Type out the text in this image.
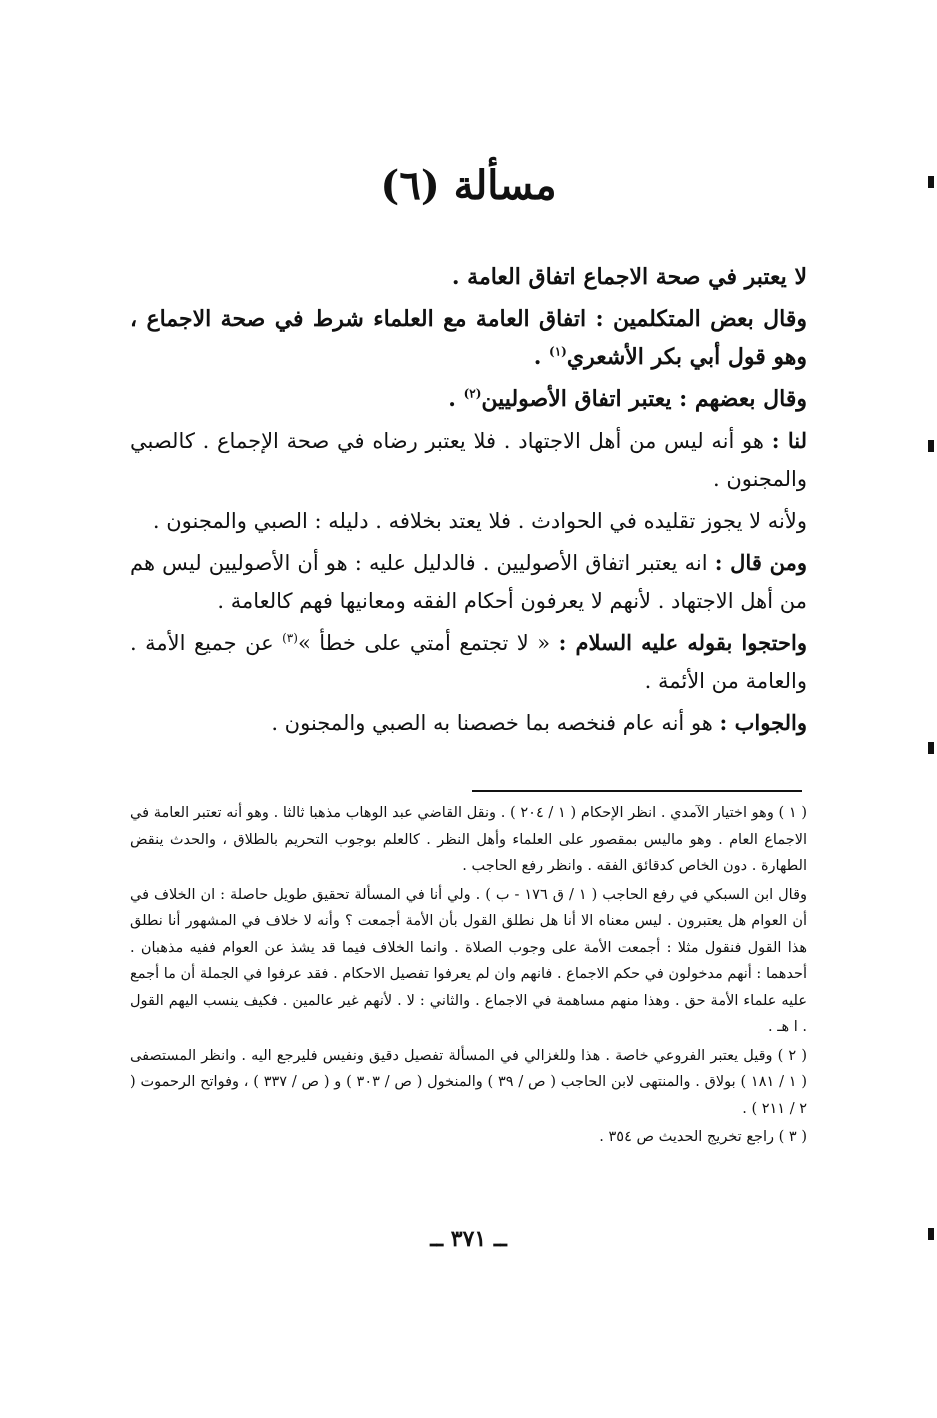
مسألة (٦)

لا يعتبر في صحة الاجماع اتفاق العامة .

وقال بعض المتكلمين : اتفاق العامة مع العلماء شرط في صحة الاجماع ، وهو قول أبي بكر الأشعري$^{(١)}$ .

وقال بعضهم : يعتبر اتفاق الأصوليين$^{(٢)}$ .

لنا : هو أنه ليس من أهل الاجتهاد . فلا يعتبر رضاه في صحة الإجماع . كالصبي والمجنون .

ولأنه لا يجوز تقليده في الحوادث . فلا يعتد بخلافه . دليله : الصبي والمجنون .

ومن قال : انه يعتبر اتفاق الأصوليين . فالدليل عليه : هو أن الأصوليين ليس هم من أهل الاجتهاد . لأنهم لا يعرفون أحكام الفقه ومعانيها فهم كالعامة .

واحتجوا بقوله عليه السلام : « لا تجتمع أمتي على خطأ »$^{(٣)}$ عن جميع الأمة . والعامة من الأئمة .

والجواب : هو أنه عام فنخصه بما خصصنا به الصبي والمجنون .

( ١ ) وهو اختيار الآمدي . انظر الإحكام ( ١ / ٢٠٤ ) . ونقل القاضي عبد الوهاب مذهبا ثالثا . وهو أنه تعتبر العامة في الاجماع العام . وهو ماليس بمقصور على العلماء وأهل النظر . كالعلم بوجوب التحريم بالطلاق ، والحدث ينقض الطهارة . دون الخاص كدقائق الفقه . وانظر رفع الحاجب .

وقال ابن السبكي في رفع الحاجب ( ١ / ق ١٧٦ - ب ) . ولي أنا في المسألة تحقيق طويل حاصلة : ان الخلاف في أن العوام هل يعتبرون . ليس معناه الا أنا هل نطلق القول بأن الأمة أجمعت ؟ وأنه لا خلاف في المشهور أنا نطلق هذا القول فنقول مثلا : أجمعت الأمة على وجوب الصلاة . وانما الخلاف فيما قد يشذ عن العوام ففيه مذهبان . أحدهما : أنهم مدخولون في حكم الاجماع . فانهم وان لم يعرفوا تفصيل الاحكام . فقد عرفوا في الجملة أن ما أجمع عليه علماء الأمة حق . وهذا منهم مساهمة في الاجماع . والثاني : لا . لأنهم غير عالمين . فكيف ينسب اليهم القول . ا هـ .

( ٢ ) وقيل يعتبر الفروعي خاصة . هذا وللغزالي في المسألة تفصيل دقيق ونفيس فليرجع اليه . وانظر المستصفى ( ١ / ١٨١ ) بولاق . والمنتهى لابن الحاجب ( ص / ٣٩ ) والمنخول ( ص / ٣٠٣ ) و ( ص / ٣٣٧ ) ، وفواتح الرحموت ( ٢ / ٢١١ ) .

( ٣ ) راجع تخريج الحديث ص ٣٥٤ .

ــ ٣٧١ ــ
